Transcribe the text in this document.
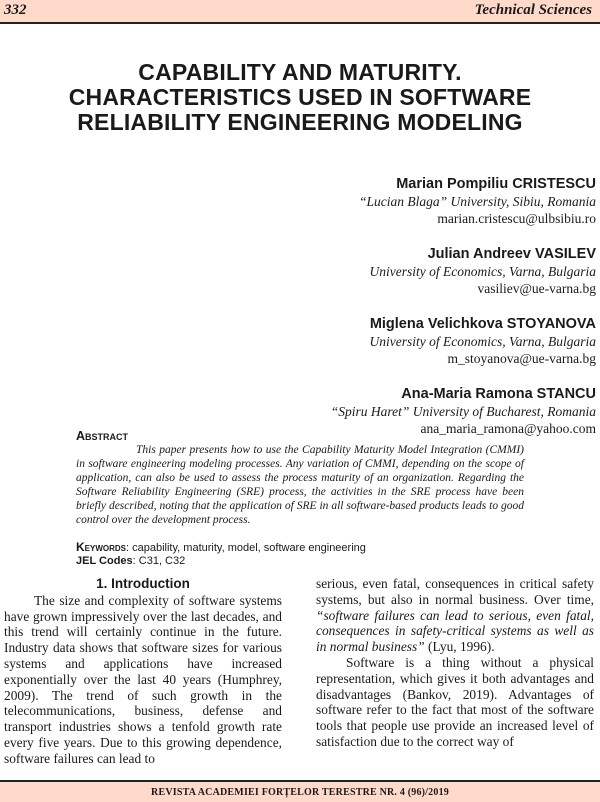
332	Technical Sciences
CAPABILITY AND MATURITY.
CHARACTERISTICS USED IN SOFTWARE
RELIABILITY ENGINEERING MODELING
Marian Pompiliu CRISTESCU
“Lucian Blaga” University, Sibiu, Romania
marian.cristescu@ulbsibiu.ro
Julian Andreev VASILEV
University of Economics, Varna, Bulgaria
vasiliev@ue-varna.bg
Miglena Velichkova STOYANOVA
University of Economics, Varna, Bulgaria
m_stoyanova@ue-varna.bg
Ana-Maria Ramona STANCU
“Spiru Haret” University of Bucharest, Romania
ana_maria_ramona@yahoo.com
Abstract

This paper presents how to use the Capability Maturity Model Integration (CMMI) in software engineering modeling processes. Any variation of CMMI, depending on the scope of application, can also be used to assess the process maturity of an organization. Regarding the Software Reliability Engineering (SRE) process, the activities in the SRE process have been briefly described, noting that the application of SRE in all software-based products leads to good control over the development process.

Keywords: capability, maturity, model, software engineering
JEL Codes: C31, C32
1. Introduction

The size and complexity of software systems have grown impressively over the last decades, and this trend will certainly continue in the future. Industry data shows that software sizes for various systems and applications have increased exponentially over the last 40 years (Humphrey, 2009). The trend of such growth in the telecommunications, business, defense and transport industries shows a tenfold growth rate every five years. Due to this growing dependence, software failures can lead to

serious, even fatal, consequences in critical safety systems, but also in normal business. Over time, “software failures can lead to serious, even fatal, consequences in safety-critical systems as well as in normal business” (Lyu, 1996).

Software is a thing without a physical representation, which gives it both advantages and disadvantages (Bankov, 2019). Advantages of software refer to the fact that most of the software tools that people use provide an increased level of satisfaction due to the correct way of

REVISTA ACADEMIEI FORȚELOR TERESTRE NR. 4 (96)/2019
